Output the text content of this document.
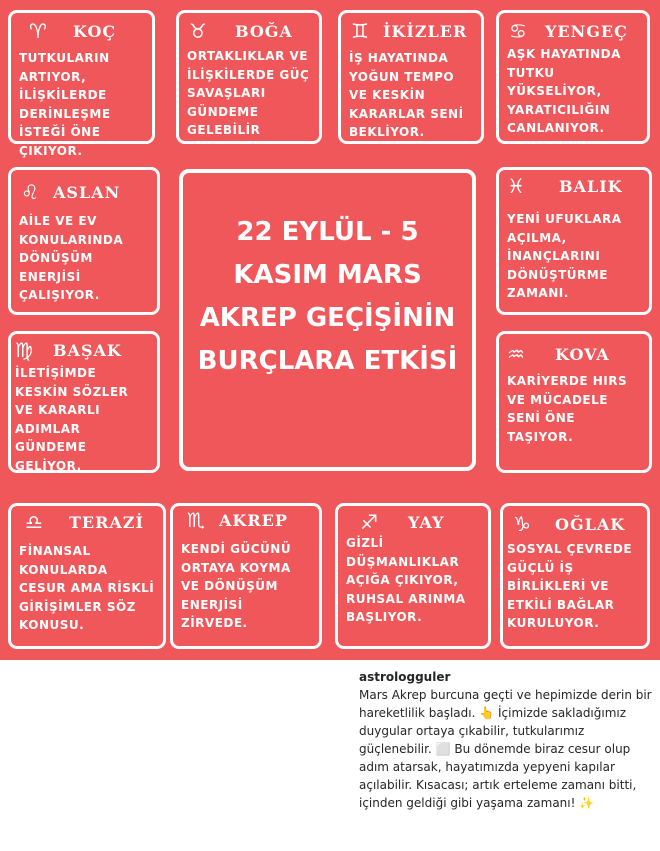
♈ KOÇ
TUTKULARIN ARTIYOR, İLİŞKİLERDE DERİNLEŞME İSTEĞİ ÖNE ÇIKIYOR.
♉ BOĞA
ORTAKLIKLAR VE İLİŞKİLERDE GÜÇ SAVAŞLARI GÜNDEME GELEBİLİR
♊ İKİZLER
İŞ HAYATINDA YOĞUN TEMPO VE KESKİN KARARLAR SENİ BEKLİYOR.
♋ YENGEÇ
AŞK HAYATINDA TUTKU YÜKSELİYOR, YARATICILIĞIN CANLANIYOR.
♌ ASLAN
AİLE VE EV KONULARINDA DÖNÜŞÜM ENERJİSİ ÇALIŞIYOR.
♍ BAŞAK
İLETİŞİMDE KESKİN SÖZLER VE KARARLI ADIMLAR GÜNDEME GELİYOR.
22 EYLÜL - 5 KASIM MARS AKREP GEÇİŞİNİN BURÇLARA ETKİSİ
♓ BALIK
YENİ UFUKLARA AÇILMA, İNANÇLARINI DÖNÜŞTÜRME ZAMANI.
♒ KOVA
KARİYERDE HIRS VE MÜCADELE SENİ ÖNE TAŞIYOR.
♎ TERAZİ
FİNANSAL KONULARDA CESUR AMA RİSKLİ GİRİŞİMLER SÖZ KONUSU.
♏ AKREP
KENDİ GÜCÜNÜ ORTAYA KOYMA VE DÖNÜŞÜM ENERJİSİ ZİRVEDE.
♐ YAY
GİZLİ DÜŞMANLIKLAR AÇIĞA ÇIKIYOR, RUHSAL ARINMA BAŞLIYOR.
♑ OĞLAK
SOSYAL ÇEVREDE GÜÇLÜ İŞ BİRLİKLERİ VE ETKİLİ BAĞLAR KURULUYOR.
astrologguler
Mars Akrep burcuna geçti ve hepimizde derin bir hareketlilik başladı. 👆 İçimizde sakladığımız duygular ortaya çıkabilir, tutkularımız güçlenebilir. ⬜ Bu dönemde biraz cesur olup adım atarsak, hayatımızda yepyeni kapılar açılabilir. Kısacası; artık erteleme zamanı bitti, içinden geldiği gibi yaşama zamanı! ✨
